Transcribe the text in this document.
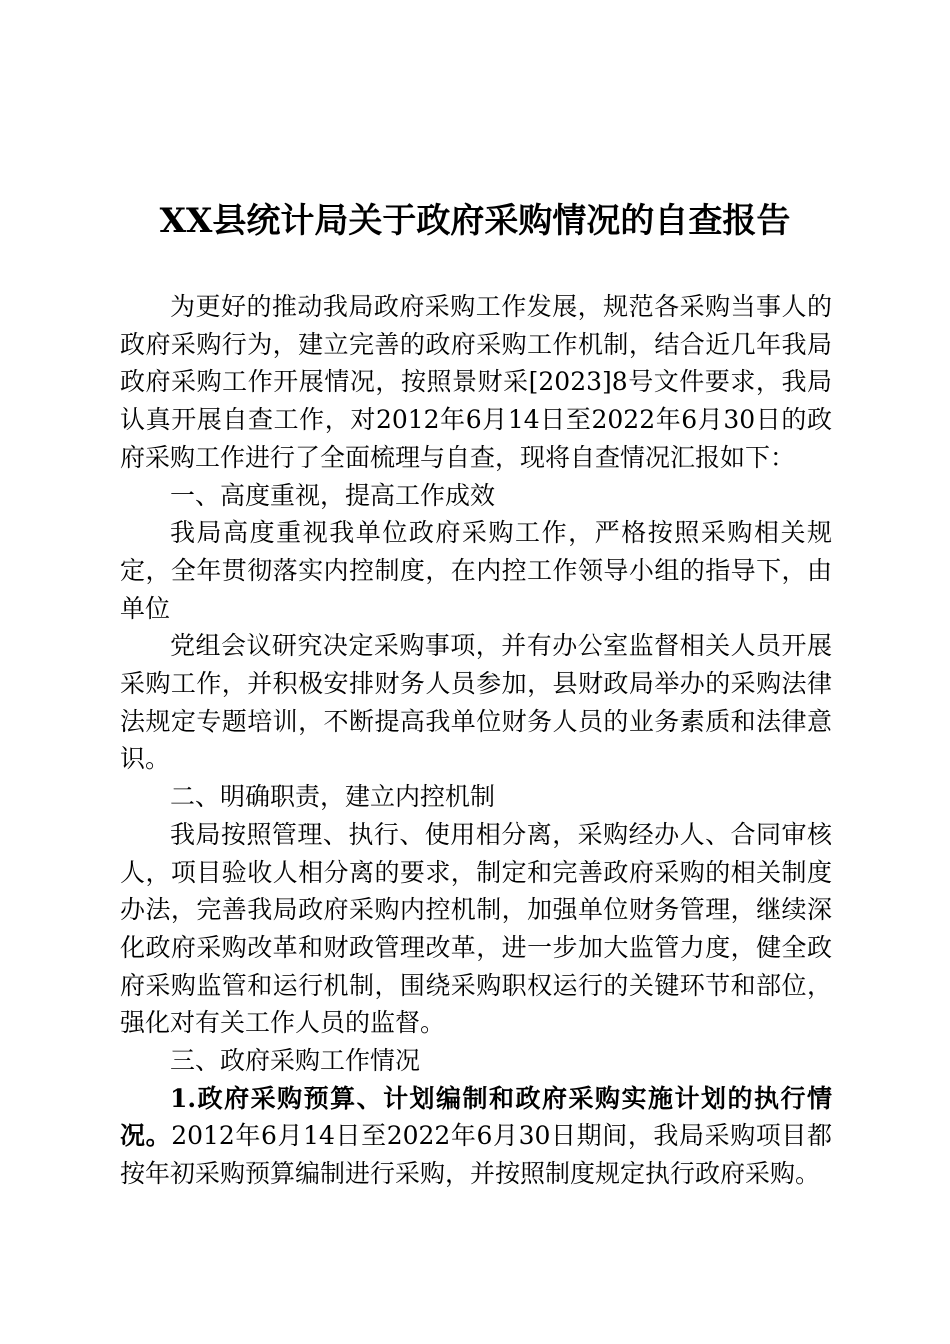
XX县统计局关于政府采购情况的自查报告

为更好的推动我局政府采购工作发展，规范各采购当事人的政府采购行为，建立完善的政府采购工作机制，结合近几年我局政府采购工作开展情况，按照景财采[2023]8号文件要求，我局认真开展自查工作，对2012年6月14日至2022年6月30日的政府采购工作进行了全面梳理与自查，现将自查情况汇报如下：

一、高度重视，提高工作成效

我局高度重视我单位政府采购工作，严格按照采购相关规定，全年贯彻落实内控制度，在内控工作领导小组的指导下，由单位

党组会议研究决定采购事项，并有办公室监督相关人员开展采购工作，并积极安排财务人员参加，县财政局举办的采购法律法规定专题培训，不断提高我单位财务人员的业务素质和法律意识。

二、明确职责，建立内控机制

我局按照管理、执行、使用相分离，采购经办人、合同审核人，项目验收人相分离的要求，制定和完善政府采购的相关制度办法，完善我局政府采购内控机制，加强单位财务管理，继续深化政府采购改革和财政管理改革，进一步加大监管力度，健全政府采购监管和运行机制，围绕采购职权运行的关键环节和部位，强化对有关工作人员的监督。

三、政府采购工作情况

1.政府采购预算、计划编制和政府采购实施计划的执行情况。2012年6月14日至2022年6月30日期间，我局采购项目都按年初采购预算编制进行采购，并按照制度规定执行政府采购。
